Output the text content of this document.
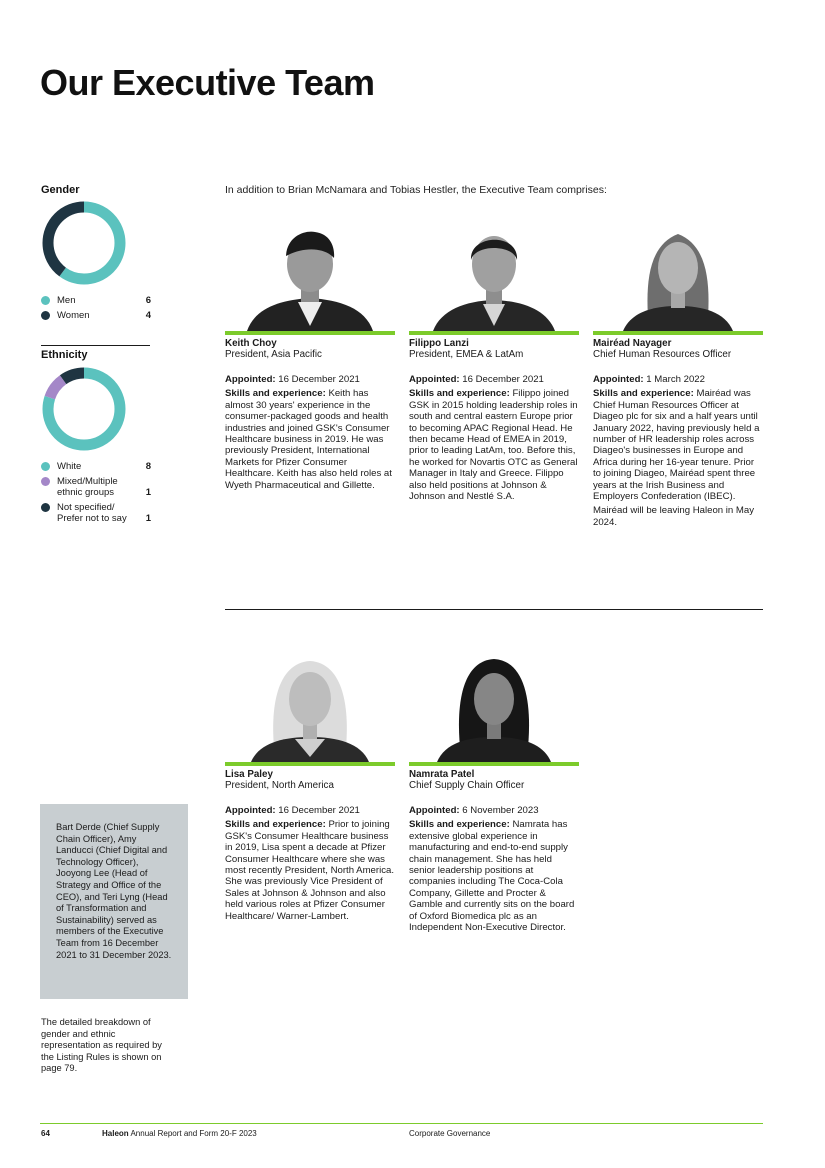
Our Executive Team
Gender
Men	6
Women	4
Ethnicity
White	8
Mixed/Multiple ethnic groups	1
Not specified/ Prefer not to say	1
Bart Derde (Chief Supply Chain Officer), Amy Landucci (Chief Digital and Technology Officer), Jooyong Lee (Head of Strategy and Office of the CEO), and Teri Lyng (Head of Transformation and Sustainability) served as members of the Executive Team from 16 December 2021 to 31 December 2023.
The detailed breakdown of gender and ethnic representation as required by the Listing Rules is shown on page 79.
In addition to Brian McNamara and Tobias Hestler, the Executive Team comprises:
Keith Choy
President, Asia Pacific

Appointed: 16 December 2021

Skills and experience: Keith has almost 30 years' experience in the consumer-packaged goods and health industries and joined GSK's Consumer Healthcare business in 2019. He was previously President, International Markets for Pfizer Consumer Healthcare. Keith has also held roles at Wyeth Pharmaceutical and Gillette.

Filippo Lanzi
President, EMEA & LatAm

Appointed: 16 December 2021

Skills and experience: Filippo joined GSK in 2015 holding leadership roles in south and central eastern Europe prior to becoming APAC Regional Head. He then became Head of EMEA in 2019, prior to leading LatAm, too. Before this, he worked for Novartis OTC as General Manager in Italy and Greece. Filippo also held positions at Johnson & Johnson and Nestlé S.A.

Mairéad Nayager
Chief Human Resources Officer

Appointed: 1 March 2022

Skills and experience: Mairéad was Chief Human Resources Officer at Diageo plc for six and a half years until January 2022, having previously held a number of HR leadership roles across Diageo's businesses in Europe and Africa during her 16-year tenure. Prior to joining Diageo, Mairéad spent three years at the Irish Business and Employers Confederation (IBEC).

Mairéad will be leaving Haleon in May 2024.

Lisa Paley
President, North America

Appointed: 16 December 2021

Skills and experience: Prior to joining GSK's Consumer Healthcare business in 2019, Lisa spent a decade at Pfizer Consumer Healthcare where she was most recently President, North America. She was previously Vice President of Sales at Johnson & Johnson and also held various roles at Pfizer Consumer Healthcare/ Warner-Lambert.

Namrata Patel
Chief Supply Chain Officer

Appointed: 6 November 2023

Skills and experience: Namrata has extensive global experience in manufacturing and end-to-end supply chain management. She has held senior leadership positions at companies including The Coca-Cola Company, Gillette and Procter & Gamble and currently sits on the board of Oxford Biomedica plc as an Independent Non-Executive Director.

64	Haleon Annual Report and Form 20-F 2023	Corporate Governance
